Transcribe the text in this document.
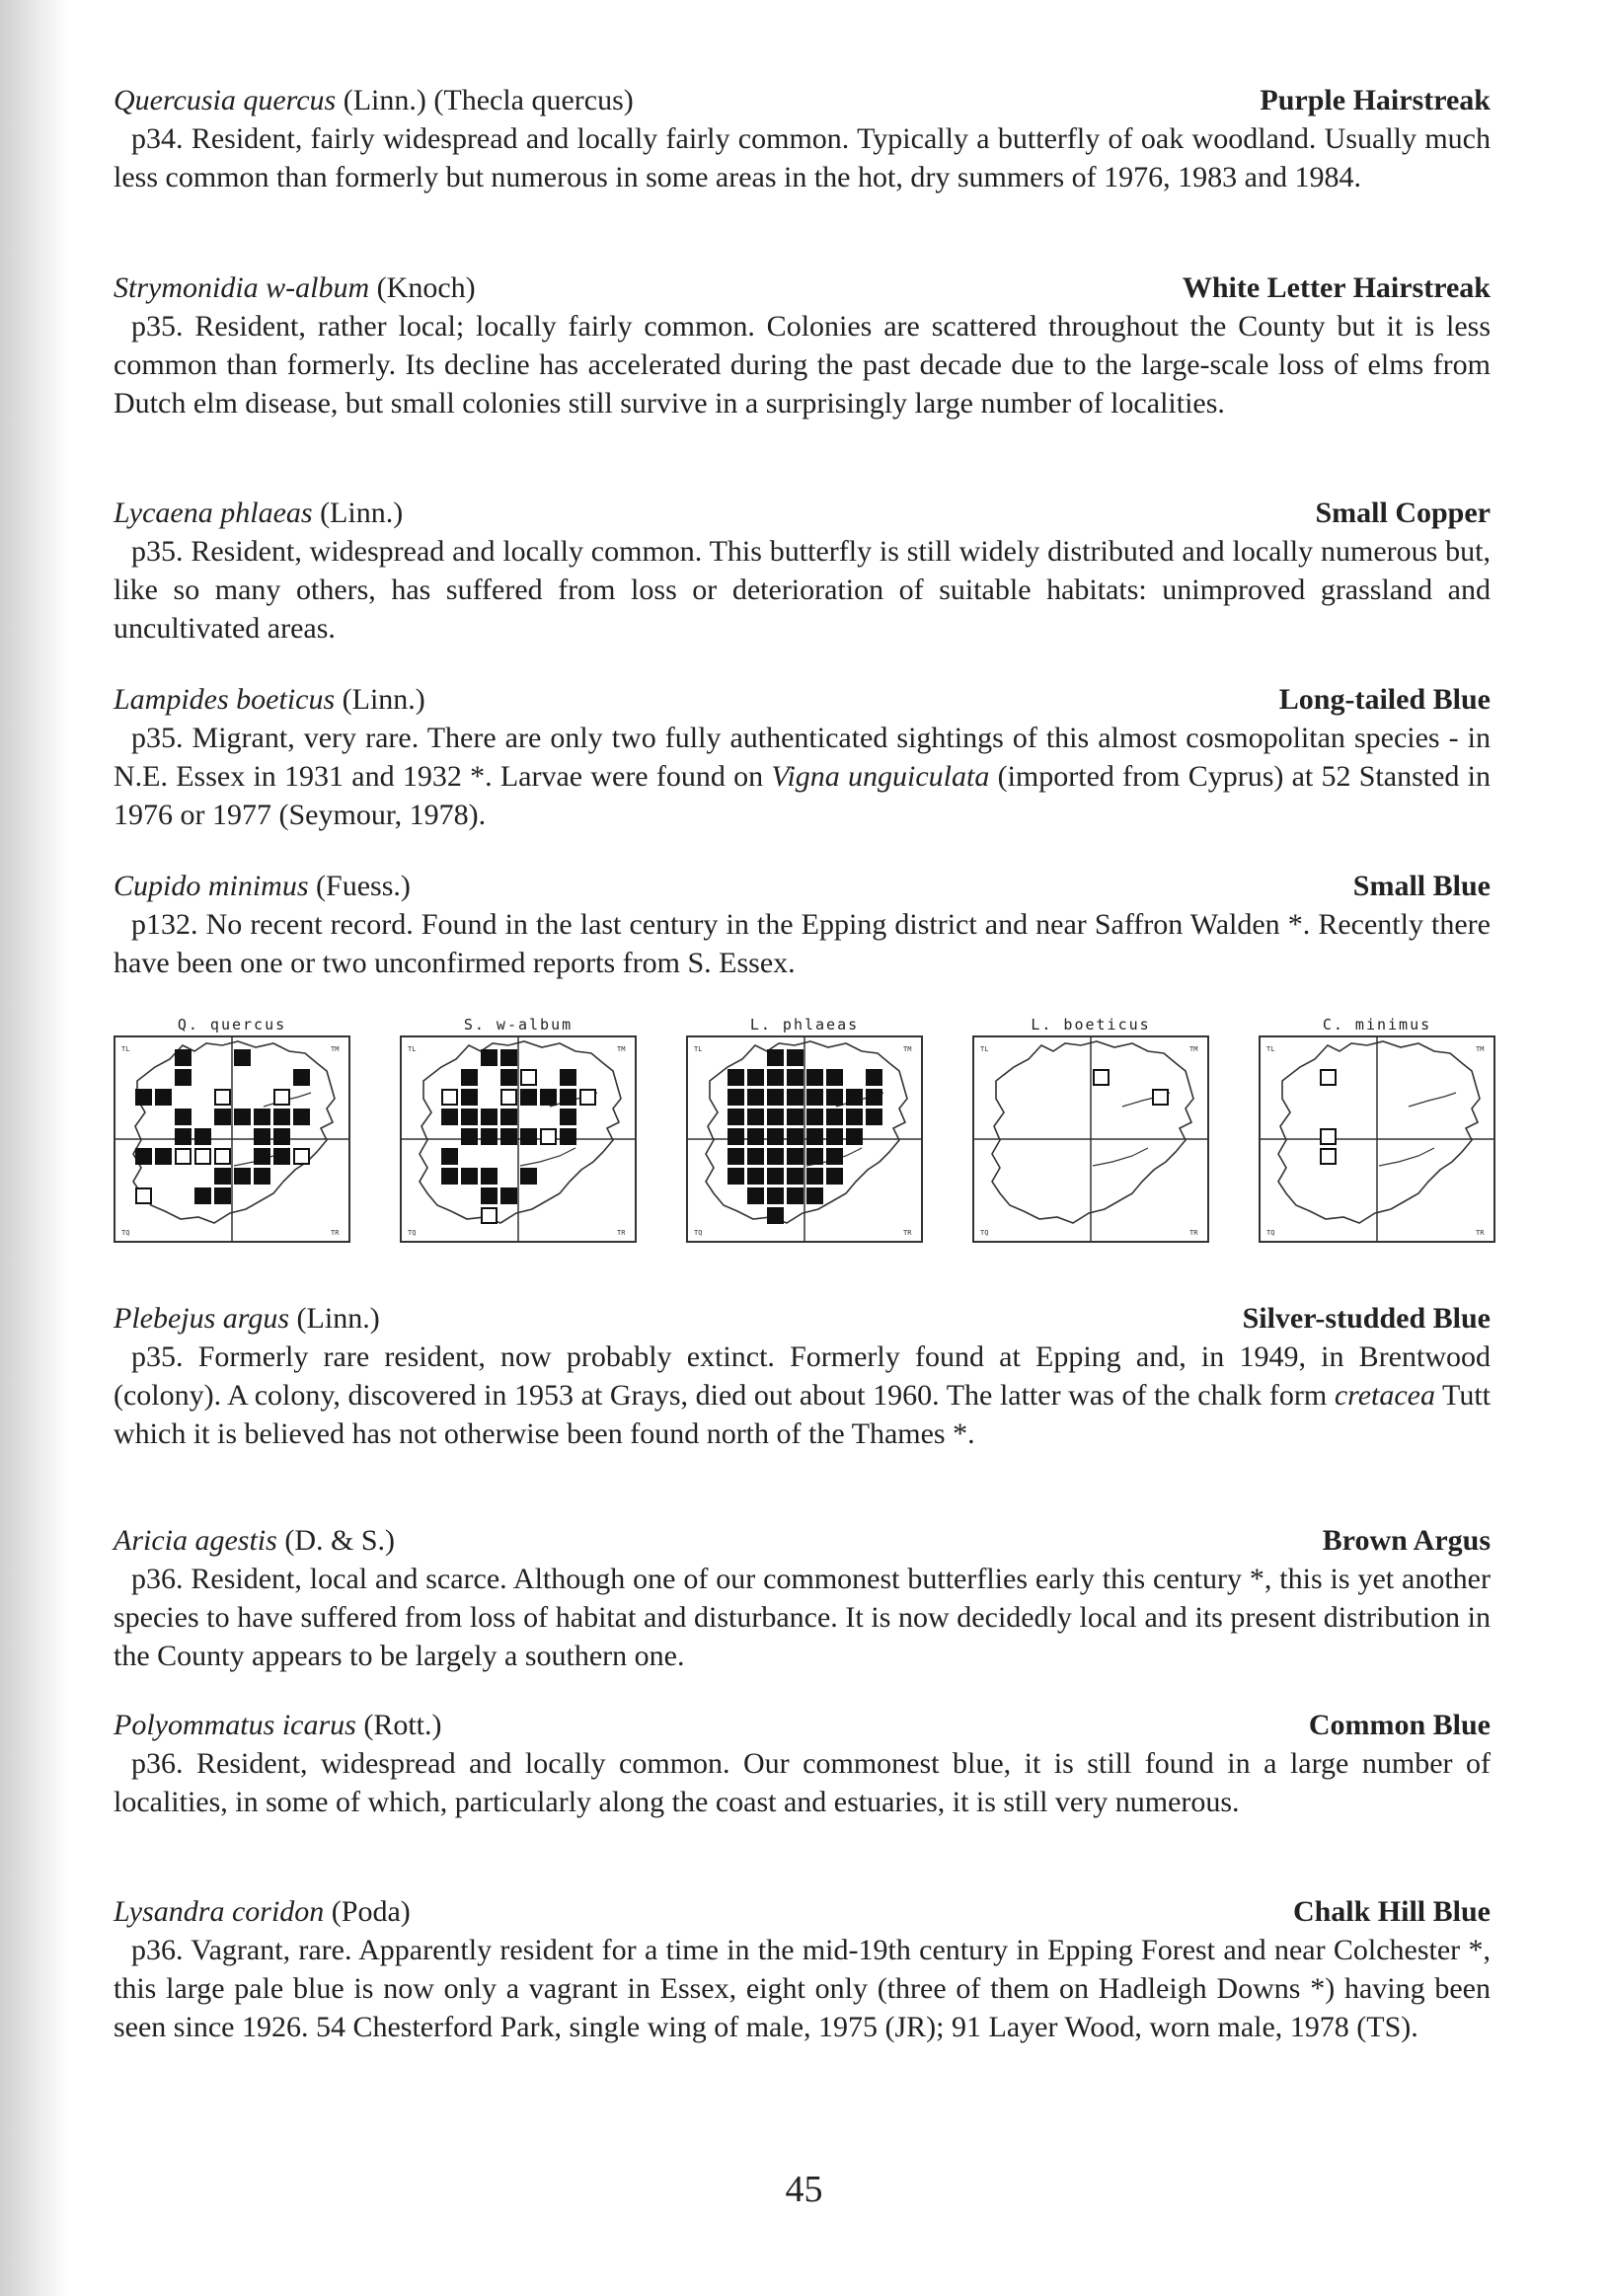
Quercusia quercus (Linn.) (Thecla quercus)	Purple Hairstreak
p34. Resident, fairly widespread and locally fairly common. Typically a butterfly of oak woodland. Usually much less common than formerly but numerous in some areas in the hot, dry summers of 1976, 1983 and 1984.
Strymonidia w-album (Knoch)	White Letter Hairstreak
p35. Resident, rather local; locally fairly common. Colonies are scattered throughout the County but it is less common than formerly. Its decline has accelerated during the past decade due to the large-scale loss of elms from Dutch elm disease, but small colonies still survive in a surprisingly large number of localities.
Lycaena phlaeas (Linn.)	Small Copper
p35. Resident, widespread and locally common. This butterfly is still widely distributed and locally numerous but, like so many others, has suffered from loss or deterioration of suitable habitats: unimproved grassland and uncultivated areas.
Lampides boeticus (Linn.)	Long-tailed Blue
p35. Migrant, very rare. There are only two fully authenticated sightings of this almost cosmopolitan species - in N.E. Essex in 1931 and 1932 *. Larvae were found on Vigna unguiculata (imported from Cyprus) at 52 Stansted in 1976 or 1977 (Seymour, 1978).
Cupido minimus (Fuess.)	Small Blue
p132. No recent record. Found in the last century in the Epping district and near Saffron Walden *. Recently there have been one or two unconfirmed reports from S. Essex.
Q. quercus
TL	TM
TQ	TR
S. w-album
TL	TM
TQ	TR
L. phlaeas
TL	TM
TQ	TR
L. boeticus
TL	TM
TQ	TR
C. minimus
TL	TM
TQ	TR
Plebejus argus (Linn.)	Silver-studded Blue
p35. Formerly rare resident, now probably extinct. Formerly found at Epping and, in 1949, in Brentwood (colony). A colony, discovered in 1953 at Grays, died out about 1960. The latter was of the chalk form cretacea Tutt which it is believed has not otherwise been found north of the Thames *.
Aricia agestis (D. & S.)	Brown Argus
p36. Resident, local and scarce. Although one of our commonest butterflies early this century *, this is yet another species to have suffered from loss of habitat and disturbance. It is now decidedly local and its present distribution in the County appears to be largely a southern one.
Polyommatus icarus (Rott.)	Common Blue
p36. Resident, widespread and locally common. Our commonest blue, it is still found in a large number of localities, in some of which, particularly along the coast and estuaries, it is still very numerous.
Lysandra coridon (Poda)	Chalk Hill Blue
p36. Vagrant, rare. Apparently resident for a time in the mid-19th century in Epping Forest and near Colchester *, this large pale blue is now only a vagrant in Essex, eight only (three of them on Hadleigh Downs *) having been seen since 1926. 54 Chesterford Park, single wing of male, 1975 (JR); 91 Layer Wood, worn male, 1978 (TS).
45
